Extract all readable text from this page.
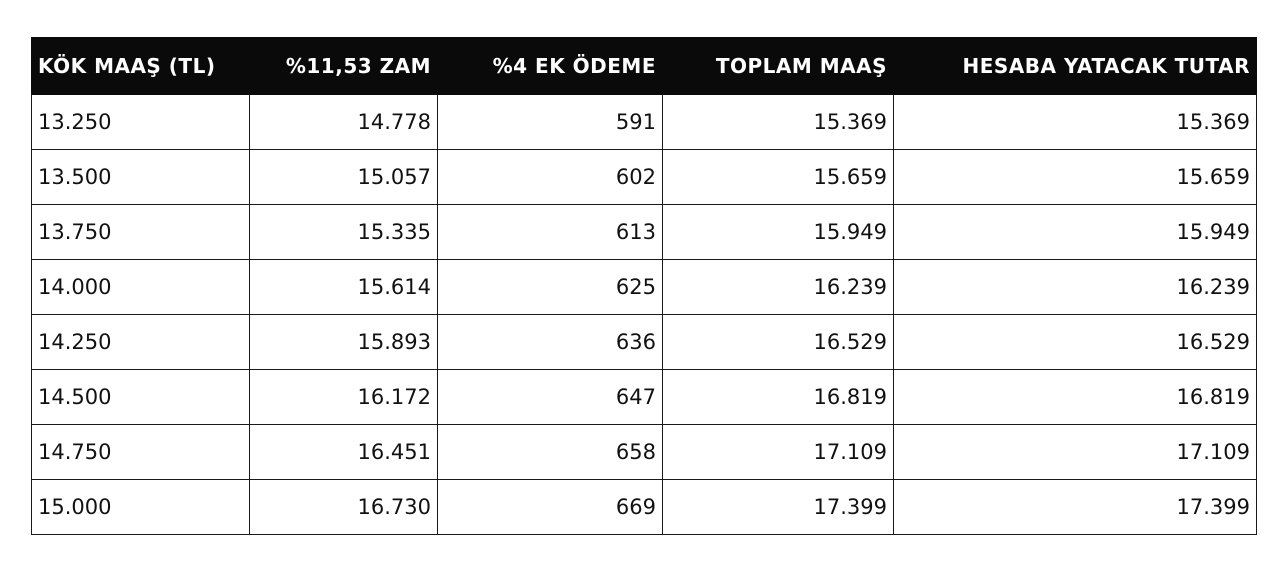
KÖK MAAŞ (TL)	%11,53 ZAM	%4 EK ÖDEME	TOPLAM MAAŞ	HESABA YATACAK TUTAR
13.250	14.778	591	15.369	15.369
13.500	15.057	602	15.659	15.659
13.750	15.335	613	15.949	15.949
14.000	15.614	625	16.239	16.239
14.250	15.893	636	16.529	16.529
14.500	16.172	647	16.819	16.819
14.750	16.451	658	17.109	17.109
15.000	16.730	669	17.399	17.399
